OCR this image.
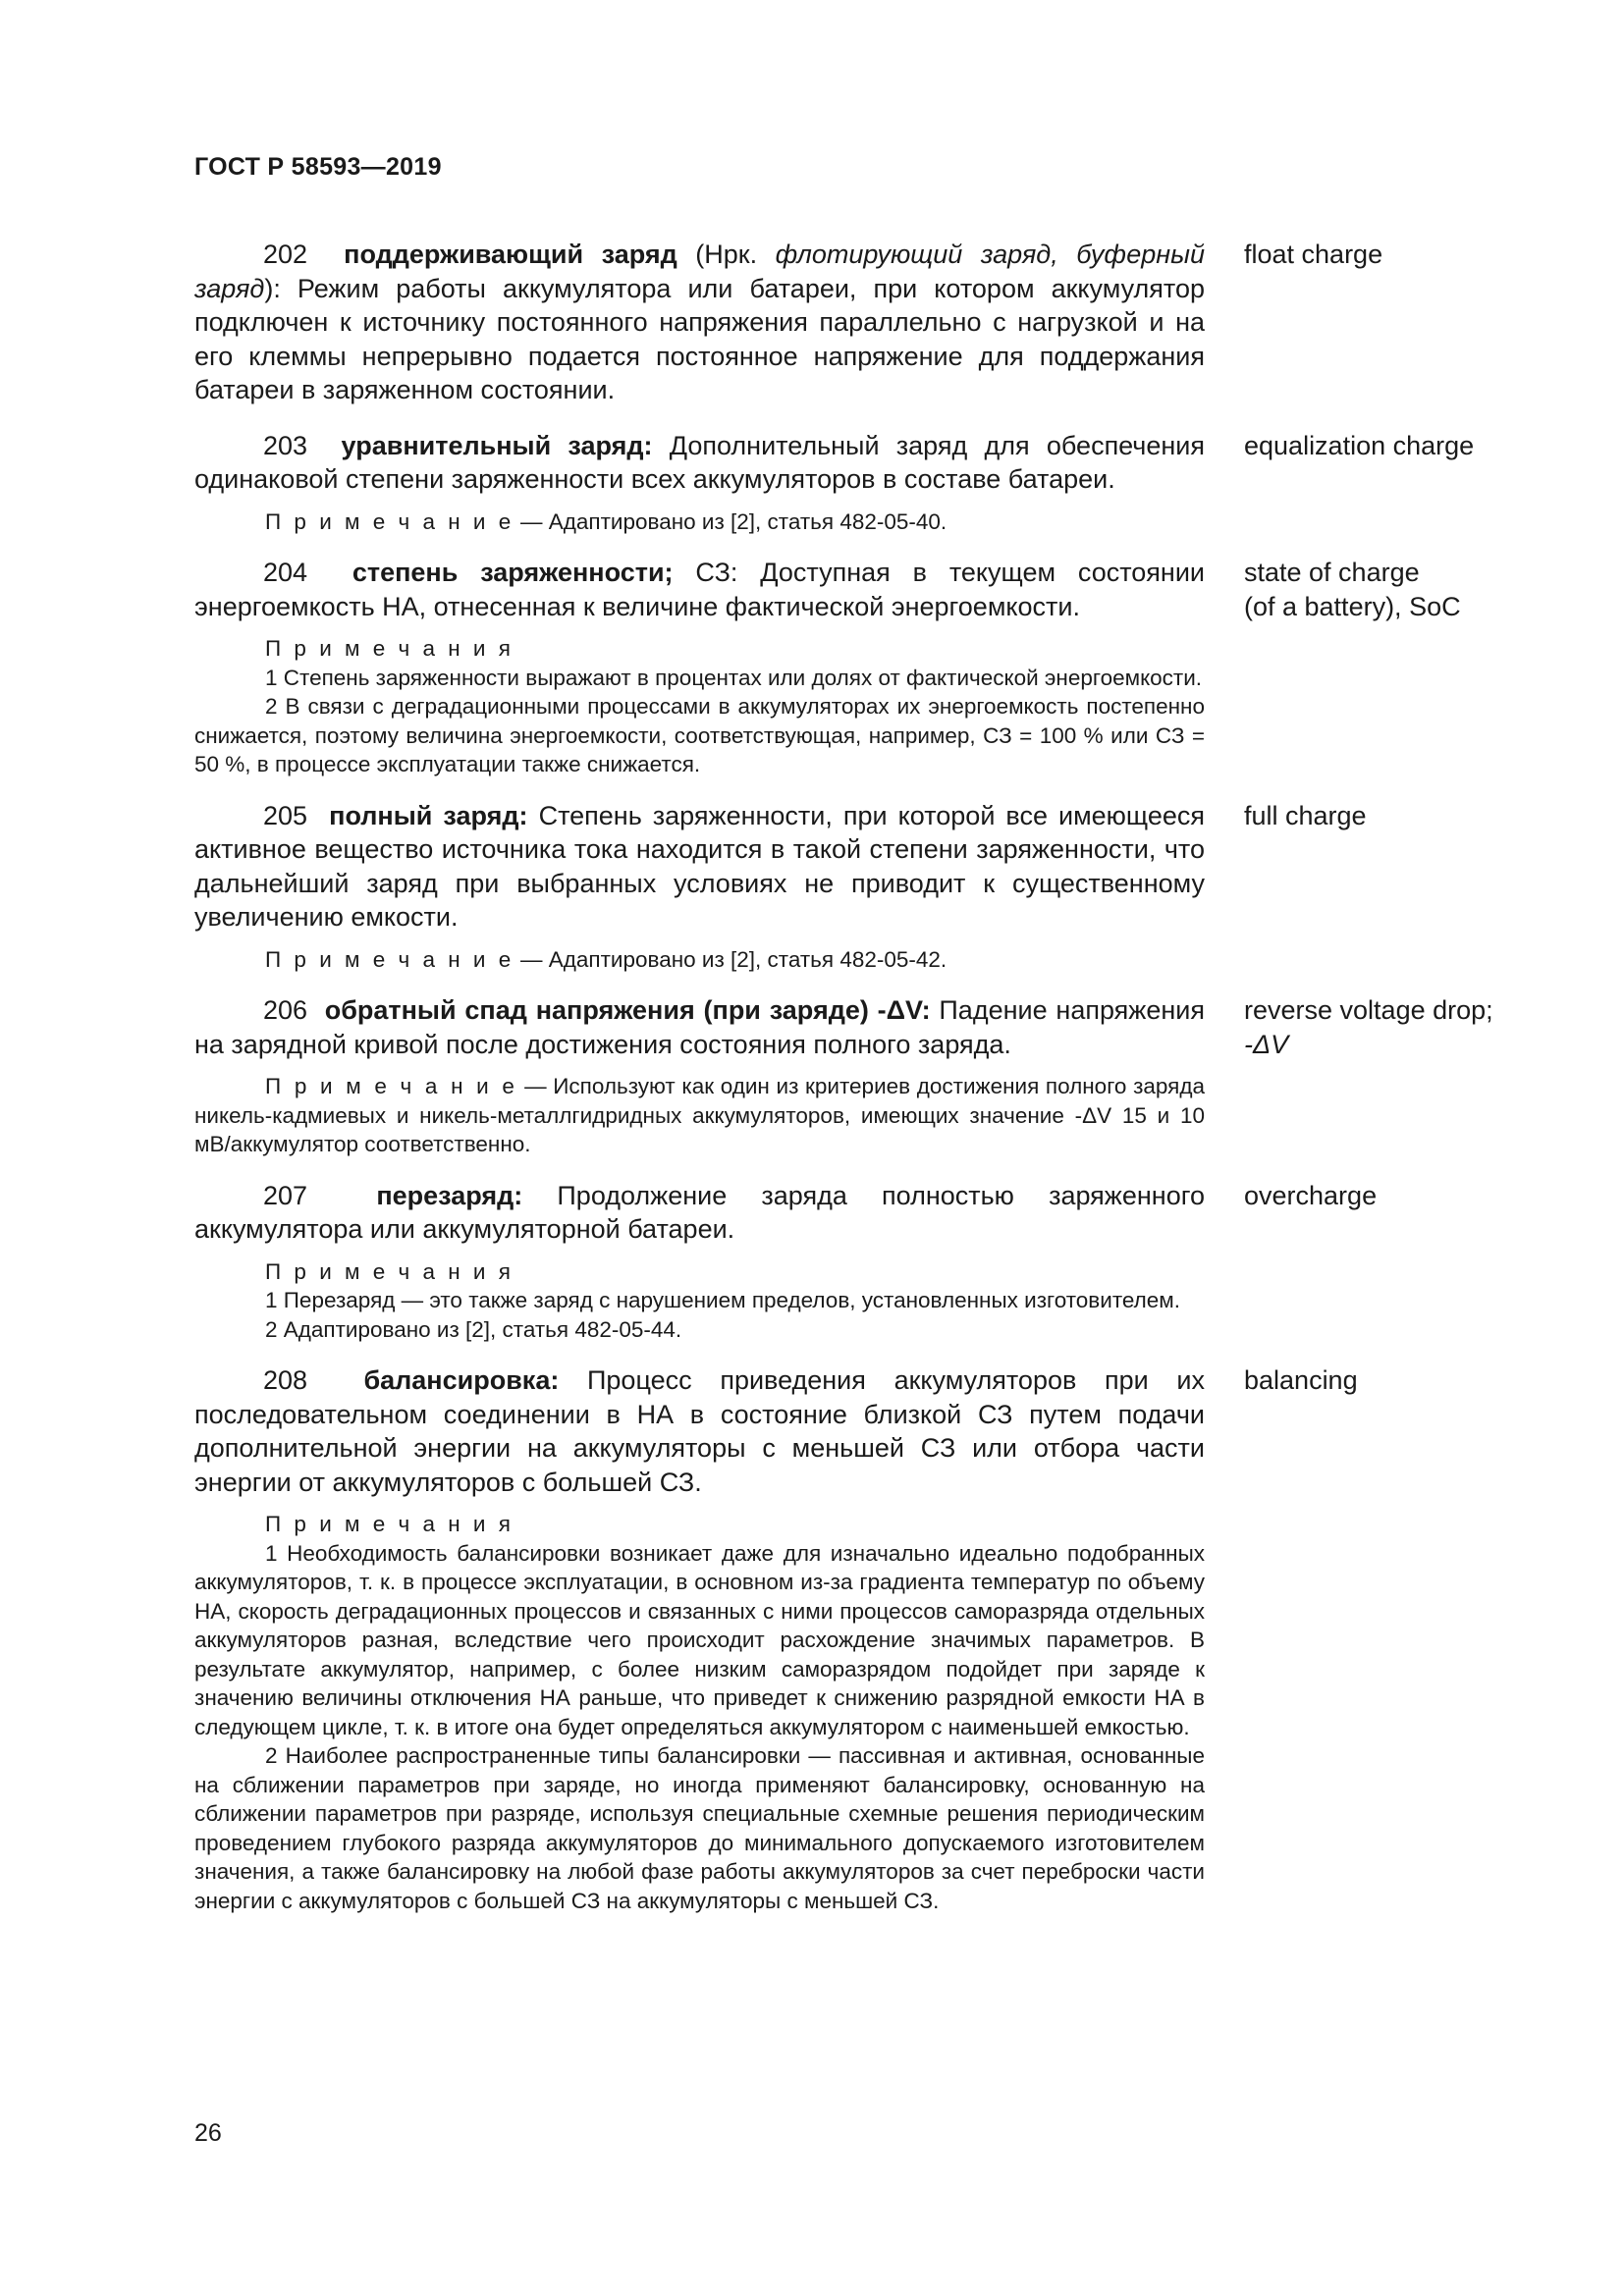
ГОСТ Р 58593—2019
202 поддерживающий заряд (Нрк. флотирующий заряд, буферный заряд): Режим работы аккумулятора или батареи, при котором аккумулятор подключен к источнику постоянного напряжения параллельно с нагрузкой и на его клеммы непрерывно подается постоянное напряжение для поддержания батареи в заряженном состоянии.
float charge
203 уравнительный заряд: Дополнительный заряд для обеспечения одинаковой степени заряженности всех аккумуляторов в составе батареи.
equalization charge

П р и м е ч а н и е — Адаптировано из [2], статья 482-05-40.

204 степень заряженности; СЗ: Доступная в текущем состоянии энергоемкость НА, отнесенная к величине фактической энергоемкости.
state of charge
(of a battery), SoC

П р и м е ч а н и я

1 Степень заряженности выражают в процентах или долях от фактической энергоемкости.

2 В связи с деградационными процессами в аккумуляторах их энергоемкость постепенно снижается, поэтому величина энергоемкости, соответствующая, например, СЗ = 100 % или СЗ = 50 %, в процессе эксплуатации также снижается.

205 полный заряд: Степень заряженности, при которой все имеющееся активное вещество источника тока находится в такой степени заряженности, что дальнейший заряд при выбранных условиях не приводит к существенному увеличению емкости.
full charge

П р и м е ч а н и е — Адаптировано из [2], статья 482-05-42.

206 обратный спад напряжения (при заряде) -ΔV: Падение напряжения на зарядной кривой после достижения состояния полного заряда.
reverse voltage drop;
-ΔV

П р и м е ч а н и е — Используют как один из критериев достижения полного заряда никель-кадмиевых и никель-металлгидридных аккумуляторов, имеющих значение -ΔV 15 и 10 мВ/аккумулятор соответственно.

207	перезаряд: Продолжение заряда полностью заряженного аккумулятора или аккумуляторной батареи.
overcharge

П р и м е ч а н и я

1 Перезаряд — это также заряд с нарушением пределов, установленных изготовителем.

2 Адаптировано из [2], статья 482-05-44.

208 балансировка: Процесс приведения аккумуляторов при их последовательном соединении в НА в состояние близкой СЗ путем подачи дополнительной энергии на аккумуляторы с меньшей СЗ или отбора части энергии от аккумуляторов с большей СЗ.
balancing

П р и м е ч а н и я

1 Необходимость балансировки возникает даже для изначально идеально подобранных аккумуляторов, т. к. в процессе эксплуатации, в основном из-за градиента температур по объему НА, скорость деградационных процессов и связанных с ними процессов саморазряда отдельных аккумуляторов разная, вследствие чего происходит расхождение значимых параметров. В результате аккумулятор, например, с более низким саморазрядом подойдет при заряде к значению величины отключения НА раньше, что приведет к снижению разрядной емкости НА в следующем цикле, т. к. в итоге она будет определяться аккумулятором с наименьшей емкостью.

2 Наиболее распространенные типы балансировки — пассивная и активная, основанные на сближении параметров при заряде, но иногда применяют балансировку, основанную на сближении параметров при разряде, используя специальные схемные решения периодическим проведением глубокого разряда аккумуляторов до минимального допускаемого изготовителем значения, а также балансировку на любой фазе работы аккумуляторов за счет переброски части энергии с аккумуляторов с большей СЗ на аккумуляторы с меньшей СЗ.

26
